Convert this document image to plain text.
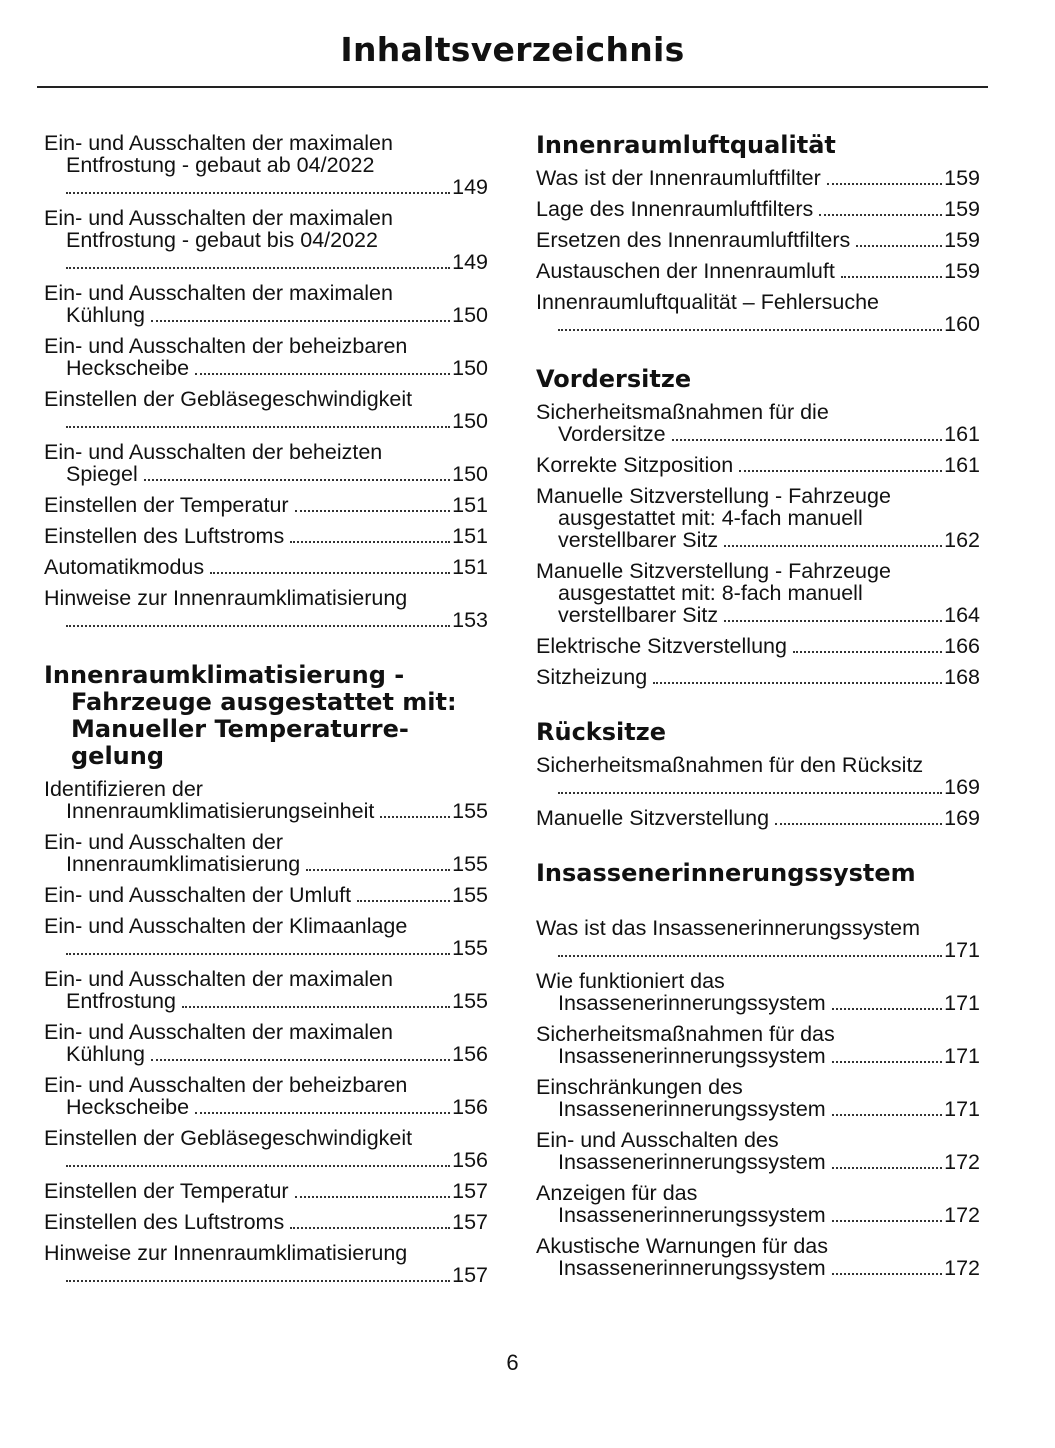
Inhaltsverzeichnis
Ein- und Ausschalten der maximalen
Entfrostung - gebaut ab 04/2022
149
Ein- und Ausschalten der maximalen
Entfrostung - gebaut bis 04/2022
149
Ein- und Ausschalten der maximalen
Kühlung	150
Ein- und Ausschalten der beheizbaren
Heckscheibe	150
Einstellen der Gebläsegeschwindigkeit
150
Ein- und Ausschalten der beheizten
Spiegel	150
Einstellen der Temperatur	151
Einstellen des Luftstroms	151
Automatikmodus	151
Hinweise zur Innenraumklimatisierung
153
Innenraumklimatisierung - Fahrzeuge ausgestattet mit: Manueller Temperaturre-gelung
Identifizieren der
Innenraumklimatisierungseinheit	155
Ein- und Ausschalten der
Innenraumklimatisierung	155
Ein- und Ausschalten der Umluft	155
Ein- und Ausschalten der Klimaanlage
155
Ein- und Ausschalten der maximalen
Entfrostung	155
Ein- und Ausschalten der maximalen
Kühlung	156
Ein- und Ausschalten der beheizbaren
Heckscheibe	156
Einstellen der Gebläsegeschwindigkeit
156
Einstellen der Temperatur	157
Einstellen des Luftstroms	157
Hinweise zur Innenraumklimatisierung
157
Innenraumluftqualität
Was ist der Innenraumluftfilter	159
Lage des Innenraumluftfilters	159
Ersetzen des Innenraumluftfilters	159
Austauschen der Innenraumluft	159
Innenraumluftqualität – Fehlersuche
160
Vordersitze
Sicherheitsmaßnahmen für die
Vordersitze	161
Korrekte Sitzposition	161
Manuelle Sitzverstellung - Fahrzeuge
ausgestattet mit: 4-fach manuell
verstellbarer Sitz	162
Manuelle Sitzverstellung - Fahrzeuge
ausgestattet mit: 8-fach manuell
verstellbarer Sitz	164
Elektrische Sitzverstellung	166
Sitzheizung	168
Rücksitze
Sicherheitsmaßnahmen für den Rücksitz
169
Manuelle Sitzverstellung	169
Insassenerinnerungssystem
Was ist das Insassenerinnerungssystem
171
Wie funktioniert das
Insassenerinnerungssystem	171
Sicherheitsmaßnahmen für das
Insassenerinnerungssystem	171
Einschränkungen des
Insassenerinnerungssystem	171
Ein- und Ausschalten des
Insassenerinnerungssystem	172
Anzeigen für das
Insassenerinnerungssystem	172
Akustische Warnungen für das
Insassenerinnerungssystem	172
6
